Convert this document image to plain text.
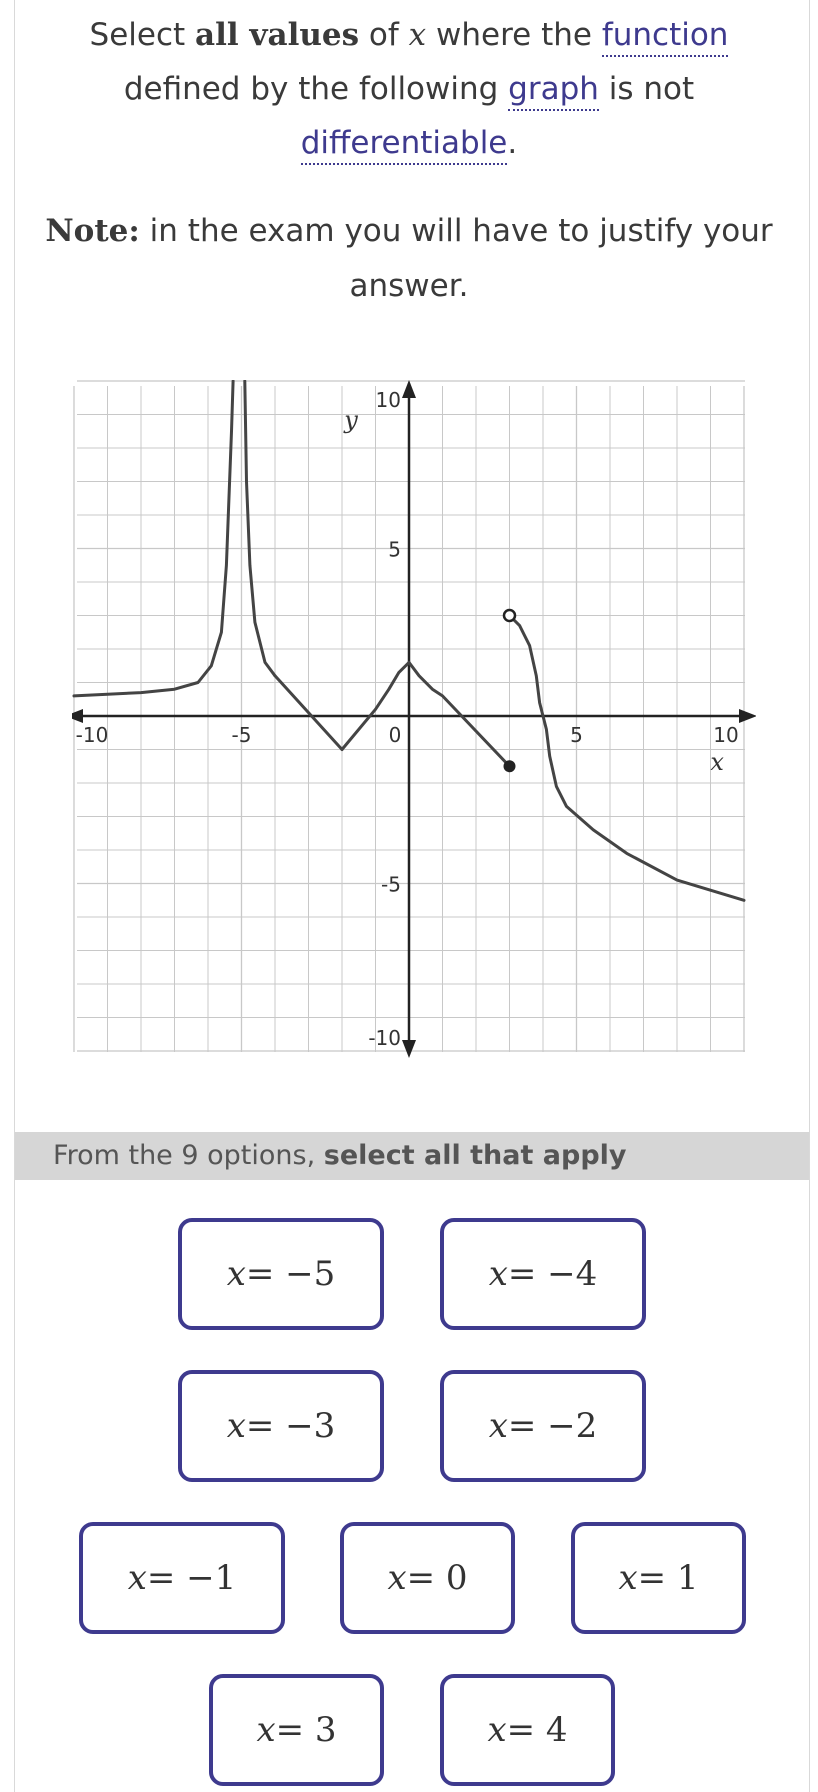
Select all values of x where the function
defined by the following graph is not
differentiable.
Note: in the exam you will have to justify your
answer.
-10	-5	0	5	10
10
5
-5
-10
y
x
From the 9 options, select all that apply
x = −5	x = −4
x = −3	x = −2
x = −1	x = 0	x = 1
x = 3	x = 4
